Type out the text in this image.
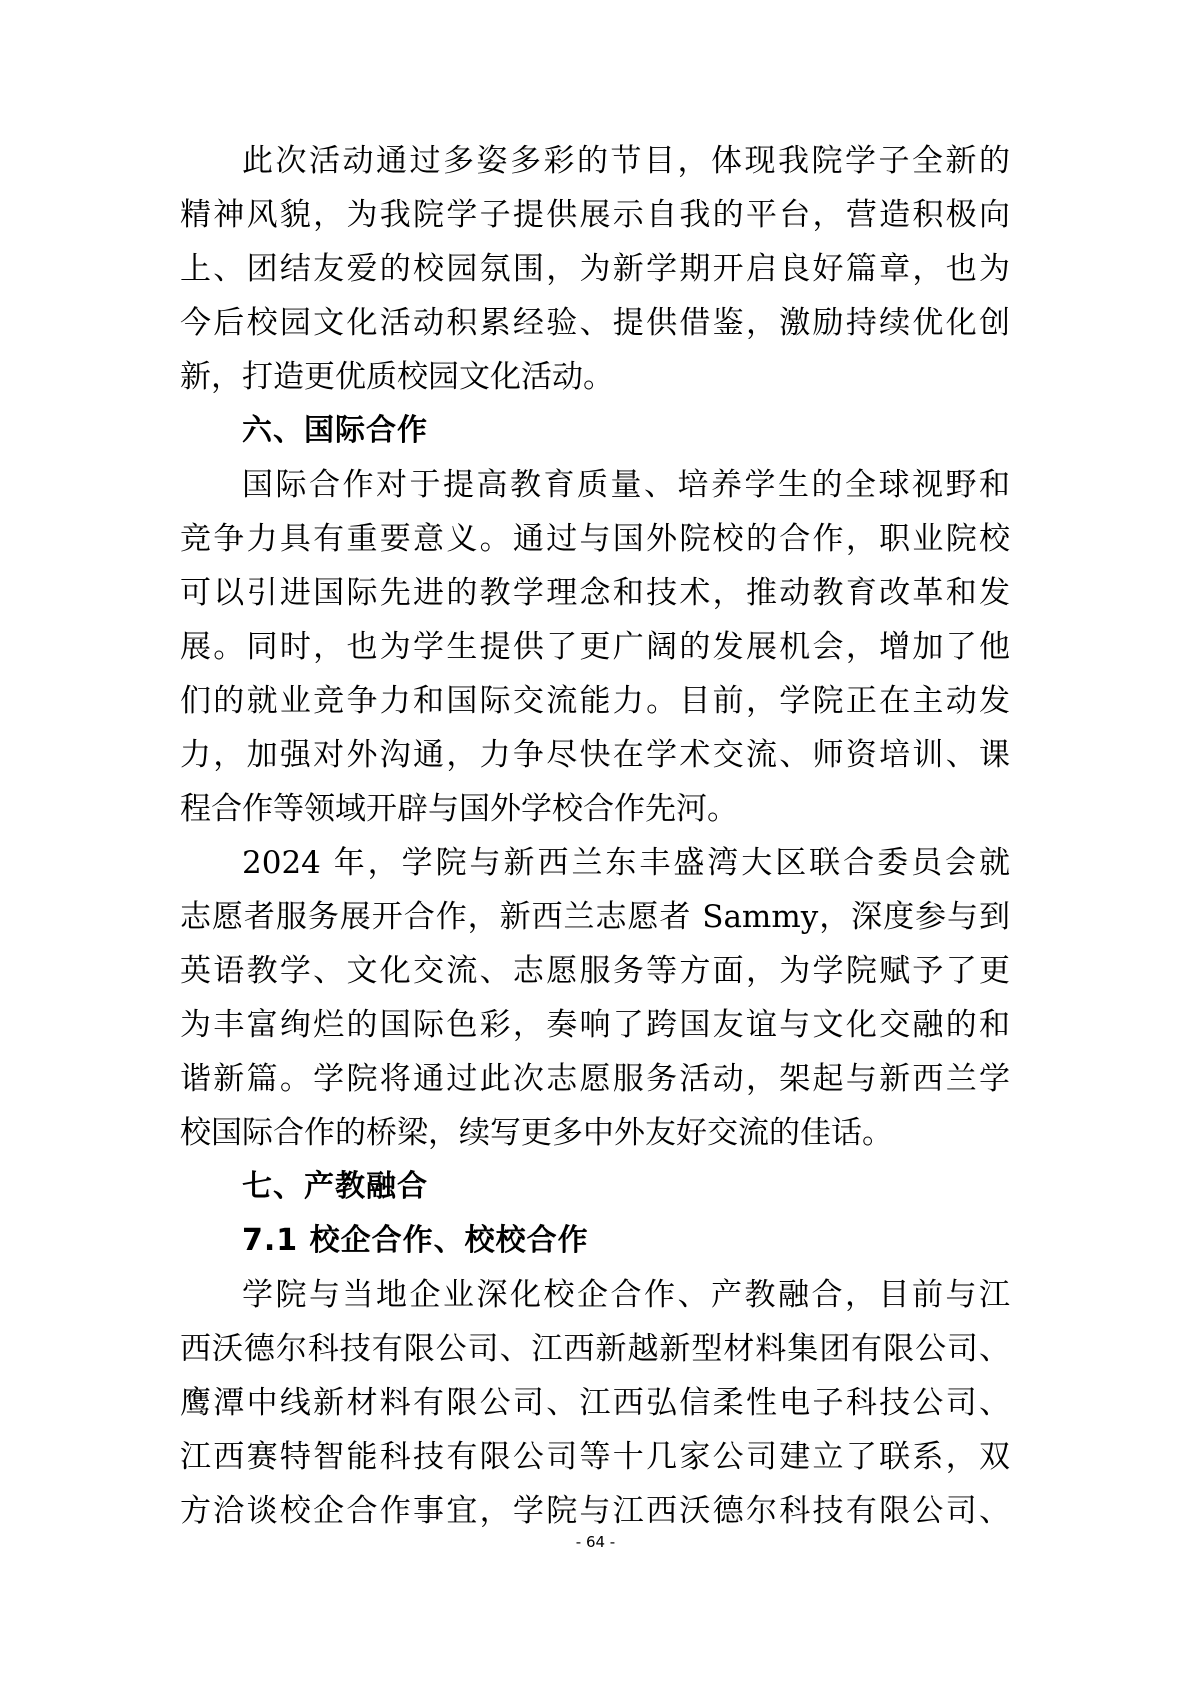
此次活动通过多姿多彩的节目，体现我院学子全新的
精神风貌，为我院学子提供展示自我的平台，营造积极向
上、团结友爱的校园氛围，为新学期开启良好篇章，也为
今后校园文化活动积累经验、提供借鉴，激励持续优化创
新，打造更优质校园文化活动。
六、国际合作
国际合作对于提高教育质量、培养学生的全球视野和
竞争力具有重要意义。通过与国外院校的合作，职业院校
可以引进国际先进的教学理念和技术，推动教育改革和发
展。同时，也为学生提供了更广阔的发展机会，增加了他
们的就业竞争力和国际交流能力。目前，学院正在主动发
力，加强对外沟通，力争尽快在学术交流、师资培训、课
程合作等领域开辟与国外学校合作先河。
2024 年，学院与新西兰东丰盛湾大区联合委员会就
志愿者服务展开合作，新西兰志愿者 Sammy，深度参与到
英语教学、文化交流、志愿服务等方面，为学院赋予了更
为丰富绚烂的国际色彩，奏响了跨国友谊与文化交融的和
谐新篇。学院将通过此次志愿服务活动，架起与新西兰学
校国际合作的桥梁，续写更多中外友好交流的佳话。
七、产教融合
7.1 校企合作、校校合作
学院与当地企业深化校企合作、产教融合，目前与江
西沃德尔科技有限公司、江西新越新型材料集团有限公司、
鹰潭中线新材料有限公司、江西弘信柔性电子科技公司、
江西赛特智能科技有限公司等十几家公司建立了联系，双
方洽谈校企合作事宜，学院与江西沃德尔科技有限公司、
- 64 -
